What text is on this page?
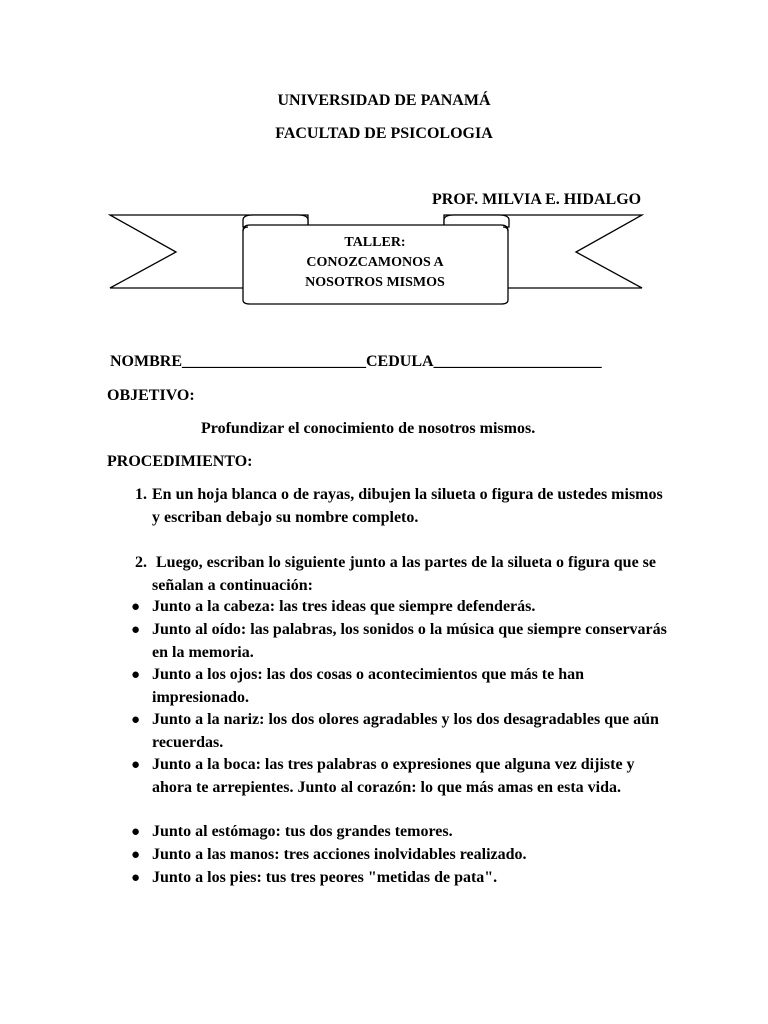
UNIVERSIDAD DE PANAMÁ
FACULTAD DE PSICOLOGIA
PROF. MILVIA E. HIDALGO
TALLER:
CONOZCAMONOS A
NOSOTROS MISMOS
NOMBRE_______________________CEDULA_____________________
OBJETIVO:
Profundizar el conocimiento de nosotros mismos.
PROCEDIMIENTO:
1. En un hoja blanca o de rayas, dibujen la silueta o figura de ustedes mismos y escriban debajo su nombre completo.
2. Luego, escriban lo siguiente junto a las partes de la silueta o figura que se señalan a continuación:
● Junto a la cabeza: las tres ideas que siempre defenderás.
● Junto al oído: las palabras, los sonidos o la música que siempre conservarás en la memoria.
● Junto a los ojos: las dos cosas o acontecimientos que más te han impresionado.
● Junto a la nariz: los dos olores agradables y los dos desagradables que aún recuerdas.
● Junto a la boca: las tres palabras o expresiones que alguna vez dijiste y ahora te arrepientes. Junto al corazón: lo que más amas en esta vida.
● Junto al estómago: tus dos grandes temores.
● Junto a las manos: tres acciones inolvidables realizado.
● Junto a los pies: tus tres peores "metidas de pata".
